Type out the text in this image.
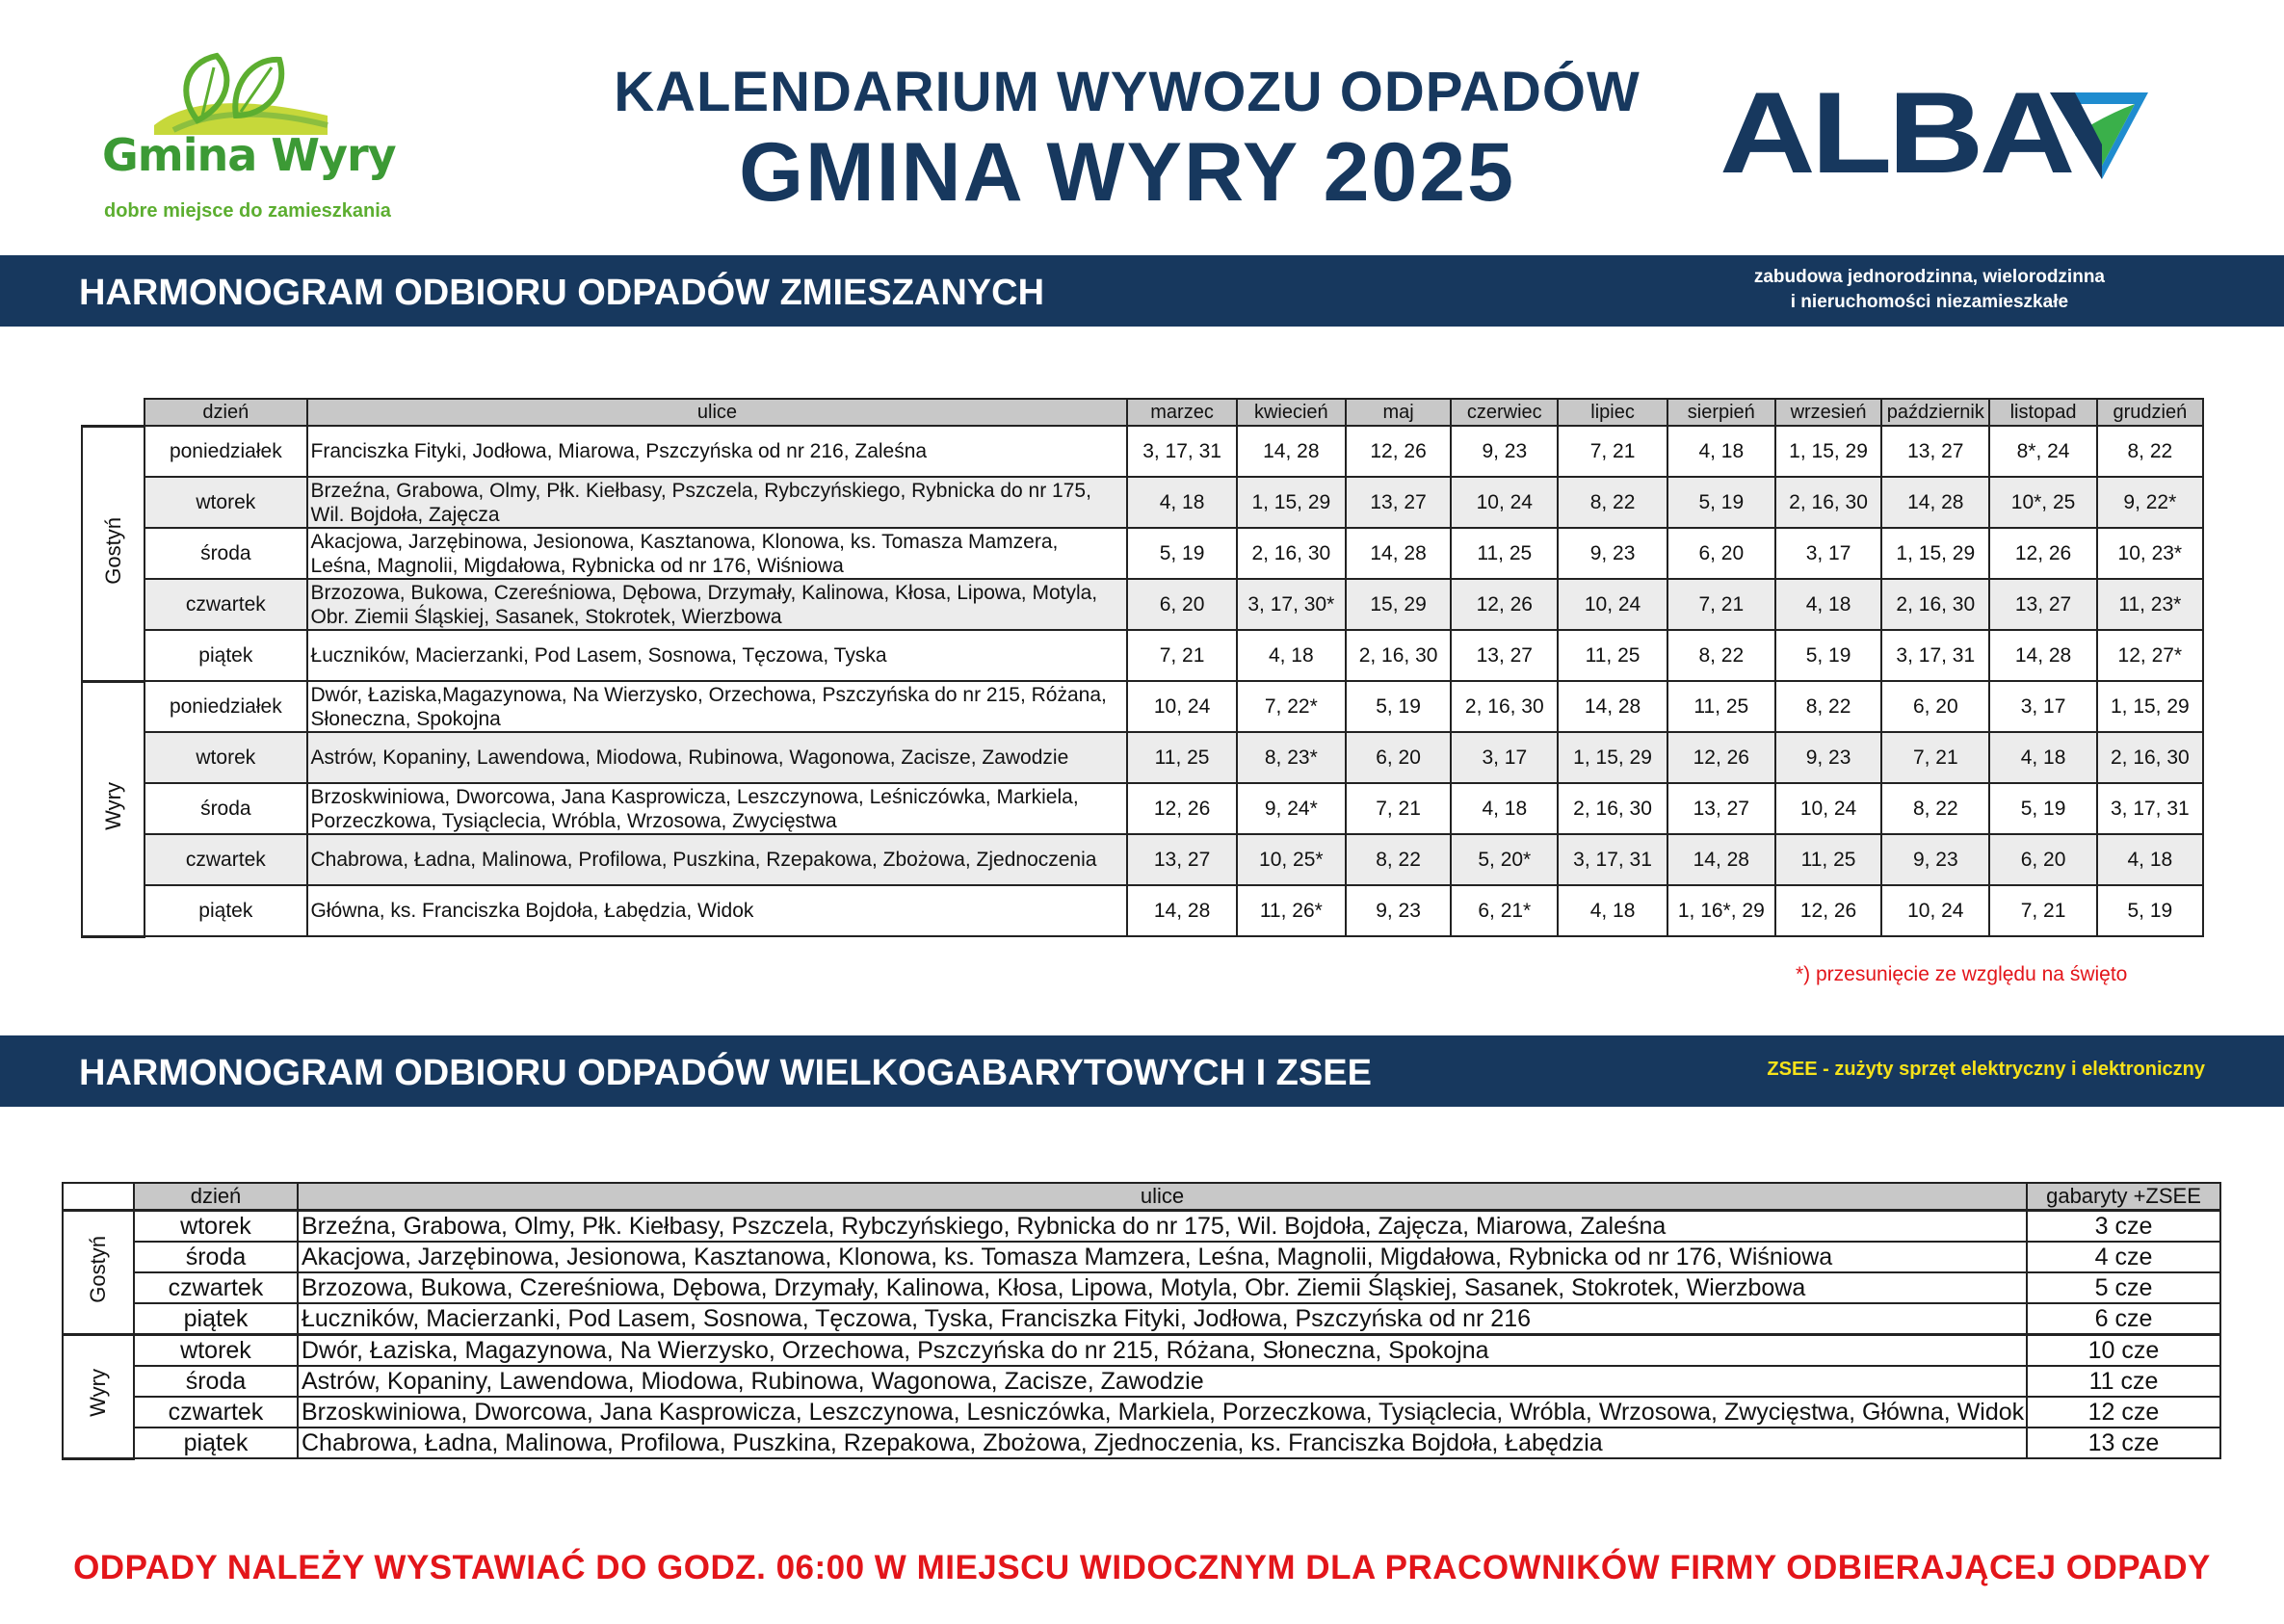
Gmina Wyry
dobre miejsce do zamieszkania
KALENDARIUM WYWOZU ODPADÓW
GMINA WYRY 2025	ALBA
HARMONOGRAM ODBIORU ODPADÓW ZMIESZANYCH	zabudowa jednorodzinna, wielorodzinna
i nieruchomości niezamieszkałe
	dzień	ulice	marzec	kwiecień	maj	czerwiec	lipiec	sierpień	wrzesień	październik	listopad	grudzień
Gostyń	poniedziałek	Franciszka Fityki, Jodłowa, Miarowa, Pszczyńska od nr 216, Zaleśna	3, 17, 31	14, 28	12, 26	9, 23	7, 21	4, 18	1, 15, 29	13, 27	8*, 24	8, 22
	wtorek	Brzeźna, Grabowa, Olmy, Płk. Kiełbasy, Pszczela, Rybczyńskiego, Rybnicka do nr 175, Wil. Bojdoła, Zajęcza	4, 18	1, 15, 29	13, 27	10, 24	8, 22	5, 19	2, 16, 30	14, 28	10*, 25	9, 22*
	środa	Akacjowa, Jarzębinowa, Jesionowa, Kasztanowa, Klonowa, ks. Tomasza Mamzera, Leśna, Magnolii, Migdałowa, Rybnicka od nr 176, Wiśniowa	5, 19	2, 16, 30	14, 28	11, 25	9, 23	6, 20	3, 17	1, 15, 29	12, 26	10, 23*
	czwartek	Brzozowa, Bukowa, Czereśniowa, Dębowa, Drzymały, Kalinowa, Kłosa, Lipowa, Motyla, Obr. Ziemii Śląskiej, Sasanek, Stokrotek, Wierzbowa	6, 20	3, 17, 30*	15, 29	12, 26	10, 24	7, 21	4, 18	2, 16, 30	13, 27	11, 23*
	piątek	Łuczników, Macierzanki, Pod Lasem, Sosnowa, Tęczowa, Tyska	7, 21	4, 18	2, 16, 30	13, 27	11, 25	8, 22	5, 19	3, 17, 31	14, 28	12, 27*
Wyry	poniedziałek	Dwór, Łaziska,Magazynowa, Na Wierzysko, Orzechowa, Pszczyńska do nr 215, Różana, Słoneczna, Spokojna	10, 24	7, 22*	5, 19	2, 16, 30	14, 28	11, 25	8, 22	6, 20	3, 17	1, 15, 29
	wtorek	Astrów, Kopaniny, Lawendowa, Miodowa, Rubinowa, Wagonowa, Zacisze, Zawodzie	11, 25	8, 23*	6, 20	3, 17	1, 15, 29	12, 26	9, 23	7, 21	4, 18	2, 16, 30
	środa	Brzoskwiniowa, Dworcowa, Jana Kasprowicza, Leszczynowa, Leśniczówka, Markiela, Porzeczkowa, Tysiąclecia, Wróbla, Wrzosowa, Zwycięstwa	12, 26	9, 24*	7, 21	4, 18	2, 16, 30	13, 27	10, 24	8, 22	5, 19	3, 17, 31
	czwartek	Chabrowa, Ładna, Malinowa, Profilowa, Puszkina, Rzepakowa, Zbożowa, Zjednoczenia	13, 27	10, 25*	8, 22	5, 20*	3, 17, 31	14, 28	11, 25	9, 23	6, 20	4, 18
	piątek	Główna, ks. Franciszka Bojdoła, Łabędzia, Widok	14, 28	11, 26*	9, 23	6, 21*	4, 18	1, 16*, 29	12, 26	10, 24	7, 21	5, 19
*) przesunięcie ze względu na święto
HARMONOGRAM ODBIORU ODPADÓW WIELKOGABARYTOWYCH I ZSEE	ZSEE - zużyty sprzęt elektryczny i elektroniczny
	dzień	ulice	gabaryty +ZSEE
Gostyń	wtorek	Brzeźna, Grabowa, Olmy, Płk. Kiełbasy, Pszczela, Rybczyńskiego, Rybnicka do nr 175, Wil. Bojdoła, Zajęcza, Miarowa, Zaleśna	3 cze
	środa	Akacjowa, Jarzębinowa, Jesionowa, Kasztanowa, Klonowa, ks. Tomasza Mamzera, Leśna, Magnolii, Migdałowa, Rybnicka od nr 176, Wiśniowa	4 cze
	czwartek	Brzozowa, Bukowa, Czereśniowa, Dębowa, Drzymały, Kalinowa, Kłosa, Lipowa, Motyla, Obr. Ziemii Śląskiej, Sasanek, Stokrotek, Wierzbowa	5 cze
	piątek	Łuczników, Macierzanki, Pod Lasem, Sosnowa, Tęczowa, Tyska, Franciszka Fityki, Jodłowa, Pszczyńska od nr 216	6 cze
Wyry	wtorek	Dwór, Łaziska, Magazynowa, Na Wierzysko, Orzechowa, Pszczyńska do nr 215, Różana, Słoneczna, Spokojna	10 cze
	środa	Astrów, Kopaniny, Lawendowa, Miodowa, Rubinowa, Wagonowa, Zacisze, Zawodzie	11 cze
	czwartek	Brzoskwiniowa, Dworcowa, Jana Kasprowicza, Leszczynowa, Lesniczówka, Markiela, Porzeczkowa, Tysiąclecia, Wróbla, Wrzosowa, Zwycięstwa, Główna, Widok	12 cze
	piątek	Chabrowa, Ładna, Malinowa, Profilowa, Puszkina, Rzepakowa, Zbożowa, Zjednoczenia, ks. Franciszka Bojdoła, Łabędzia	13 cze
ODPADY NALEŻY WYSTAWIAĆ DO GODZ. 06:00 W MIEJSCU WIDOCZNYM DLA PRACOWNIKÓW FIRMY ODBIERAJĄCEJ ODPADY
